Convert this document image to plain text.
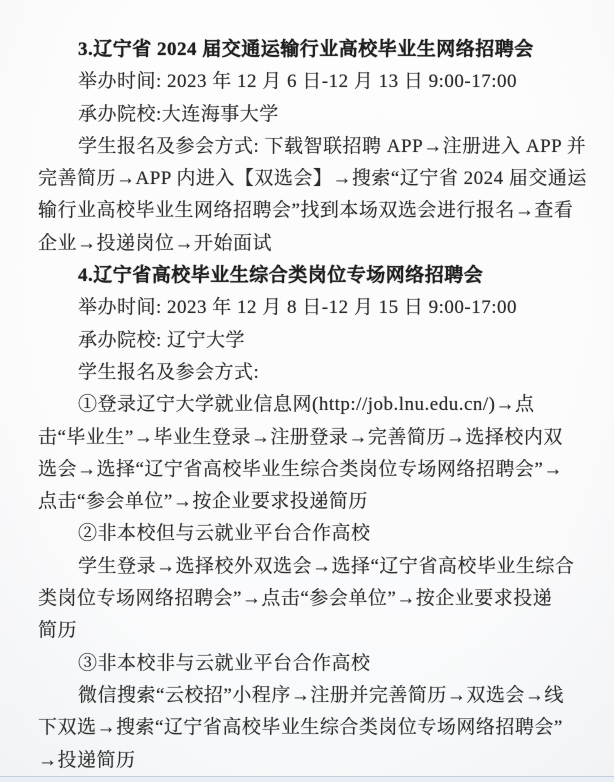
3.辽宁省 2024 届交通运输行业高校毕业生网络招聘会
举办时间: 2023 年 12 月 6 日-12 月 13 日 9:00-17:00
承办院校:大连海事大学
学生报名及参会方式: 下载智联招聘 APP→注册进入 APP 并
完善简历→APP 内进入【双选会】→搜索“辽宁省 2024 届交通运
输行业高校毕业生网络招聘会”找到本场双选会进行报名→查看
企业→投递岗位→开始面试
4.辽宁省高校毕业生综合类岗位专场网络招聘会
举办时间: 2023 年 12 月 8 日-12 月 15 日 9:00-17:00
承办院校: 辽宁大学
学生报名及参会方式:
①登录辽宁大学就业信息网(http://job.lnu.edu.cn/)→点
击“毕业生”→毕业生登录→注册登录→完善简历→选择校内双
选会→选择“辽宁省高校毕业生综合类岗位专场网络招聘会”→
点击“参会单位”→按企业要求投递简历
②非本校但与云就业平台合作高校
学生登录→选择校外双选会→选择“辽宁省高校毕业生综合
类岗位专场网络招聘会”→点击“参会单位”→按企业要求投递
简历
③非本校非与云就业平台合作高校
微信搜索“云校招”小程序→注册并完善简历→双选会→线
下双选→搜索“辽宁省高校毕业生综合类岗位专场网络招聘会”
→投递简历
